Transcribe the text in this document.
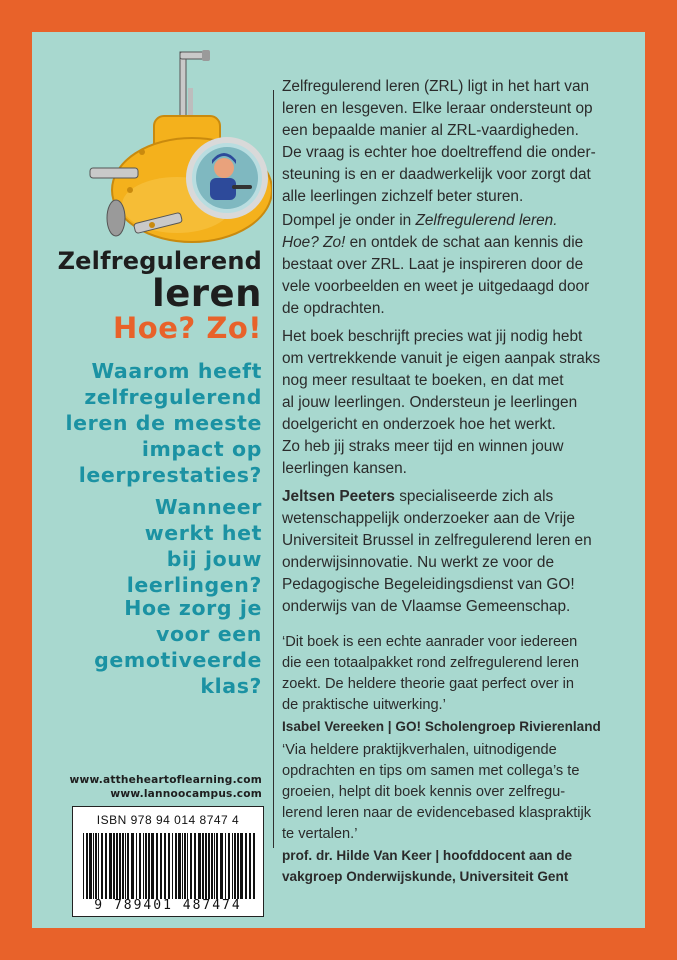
Zelfregulerend
leren
Hoe? Zo!
Waarom heeft
zelfregulerend
leren de meeste
impact op
leerprestaties?
Wanneer
werkt het
bij jouw
leerlingen?
Hoe zorg je
voor een
gemotiveerde
klas?
www.attheheartoflearning.com
www.lannoocampus.com
ISBN 978 94 014 8747 4
9 789401 487474
Zelfregulerend leren (ZRL) ligt in het hart van
leren en lesgeven. Elke leraar ondersteunt op
een bepaalde manier al ZRL-vaardigheden.
De vraag is echter hoe doeltreffend die onder-
steuning is en er daadwerkelijk voor zorgt dat
alle leerlingen zichzelf beter sturen.
Dompel je onder in Zelfregulerend leren.
Hoe? Zo! en ontdek de schat aan kennis die
bestaat over ZRL. Laat je inspireren door de
vele voorbeelden en weet je uitgedaagd door
de opdrachten.
Het boek beschrijft precies wat jij nodig hebt
om vertrekkende vanuit je eigen aanpak straks
nog meer resultaat te boeken, en dat met
al jouw leerlingen. Ondersteun je leerlingen
doelgericht en onderzoek hoe het werkt.
Zo heb jij straks meer tijd en winnen jouw
leerlingen kansen.
Jeltsen Peeters specialiseerde zich als
wetenschappelijk onderzoeker aan de Vrije
Universiteit Brussel in zelfregulerend leren en
onderwijsinnovatie. Nu werkt ze voor de
Pedagogische Begeleidingsdienst van GO!
onderwijs van de Vlaamse Gemeenschap.
‘Dit boek is een echte aanrader voor iedereen
die een totaalpakket rond zelfregulerend leren
zoekt. De heldere theorie gaat perfect over in
de praktische uitwerking.’
Isabel Vereeken | GO! Scholengroep Rivierenland
‘Via heldere praktijkverhalen, uitnodigende
opdrachten en tips om samen met collega’s te
groeien, helpt dit boek kennis over zelfregu-
lerend leren naar de evidencebased klaspraktijk
te vertalen.’
prof. dr. Hilde Van Keer | hoofddocent aan de
vakgroep Onderwijskunde, Universiteit Gent
